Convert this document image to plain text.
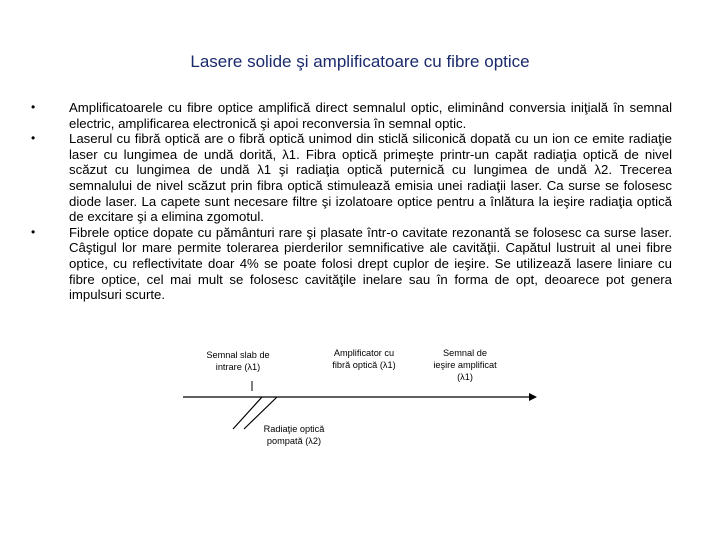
Lasere solide şi amplificatoare cu fibre optice
•	Amplificatoarele cu fibre optice amplifică direct semnalul optic, eliminând conversia iniţială în semnal electric, amplificarea electronică şi apoi reconversia în semnal optic.
•	Laserul cu fibră optică are o fibră optică unimod din sticlă siliconică dopată cu un ion ce emite radiaţie laser cu lungimea de undă dorită, λ1. Fibra optică primeşte printr-un capăt radiaţia optică de nivel scăzut cu lungimea de undă λ1 şi radiaţia optică puternică cu lungimea de undă λ2. Trecerea semnalului de nivel scăzut prin fibra optică stimulează emisia unei radiaţii laser. Ca surse se folosesc diode laser. La capete sunt necesare filtre şi izolatoare optice pentru a înlătura la ieşire radiaţia optică de excitare şi a elimina zgomotul.
•	Fibrele optice dopate cu pământuri rare şi plasate într-o cavitate rezonantă se folosesc ca surse laser. Câştigul lor mare permite tolerarea pierderilor semnificative ale cavităţii. Capătul lustruit al unei fibre optice, cu reflectivitate doar 4% se poate folosi drept cuplor de ieşire. Se utilizează lasere liniare cu fibre optice, cel mai mult se folosesc cavităţile inelare sau în forma de opt, deoarece pot genera impulsuri scurte.
Semnal slab de
intrare (λ1)
Amplificator cu
fibră optică (λ1)
Semnal de
ieşire amplificat
(λ1)
Radiaţie optică
pompată (λ2)
